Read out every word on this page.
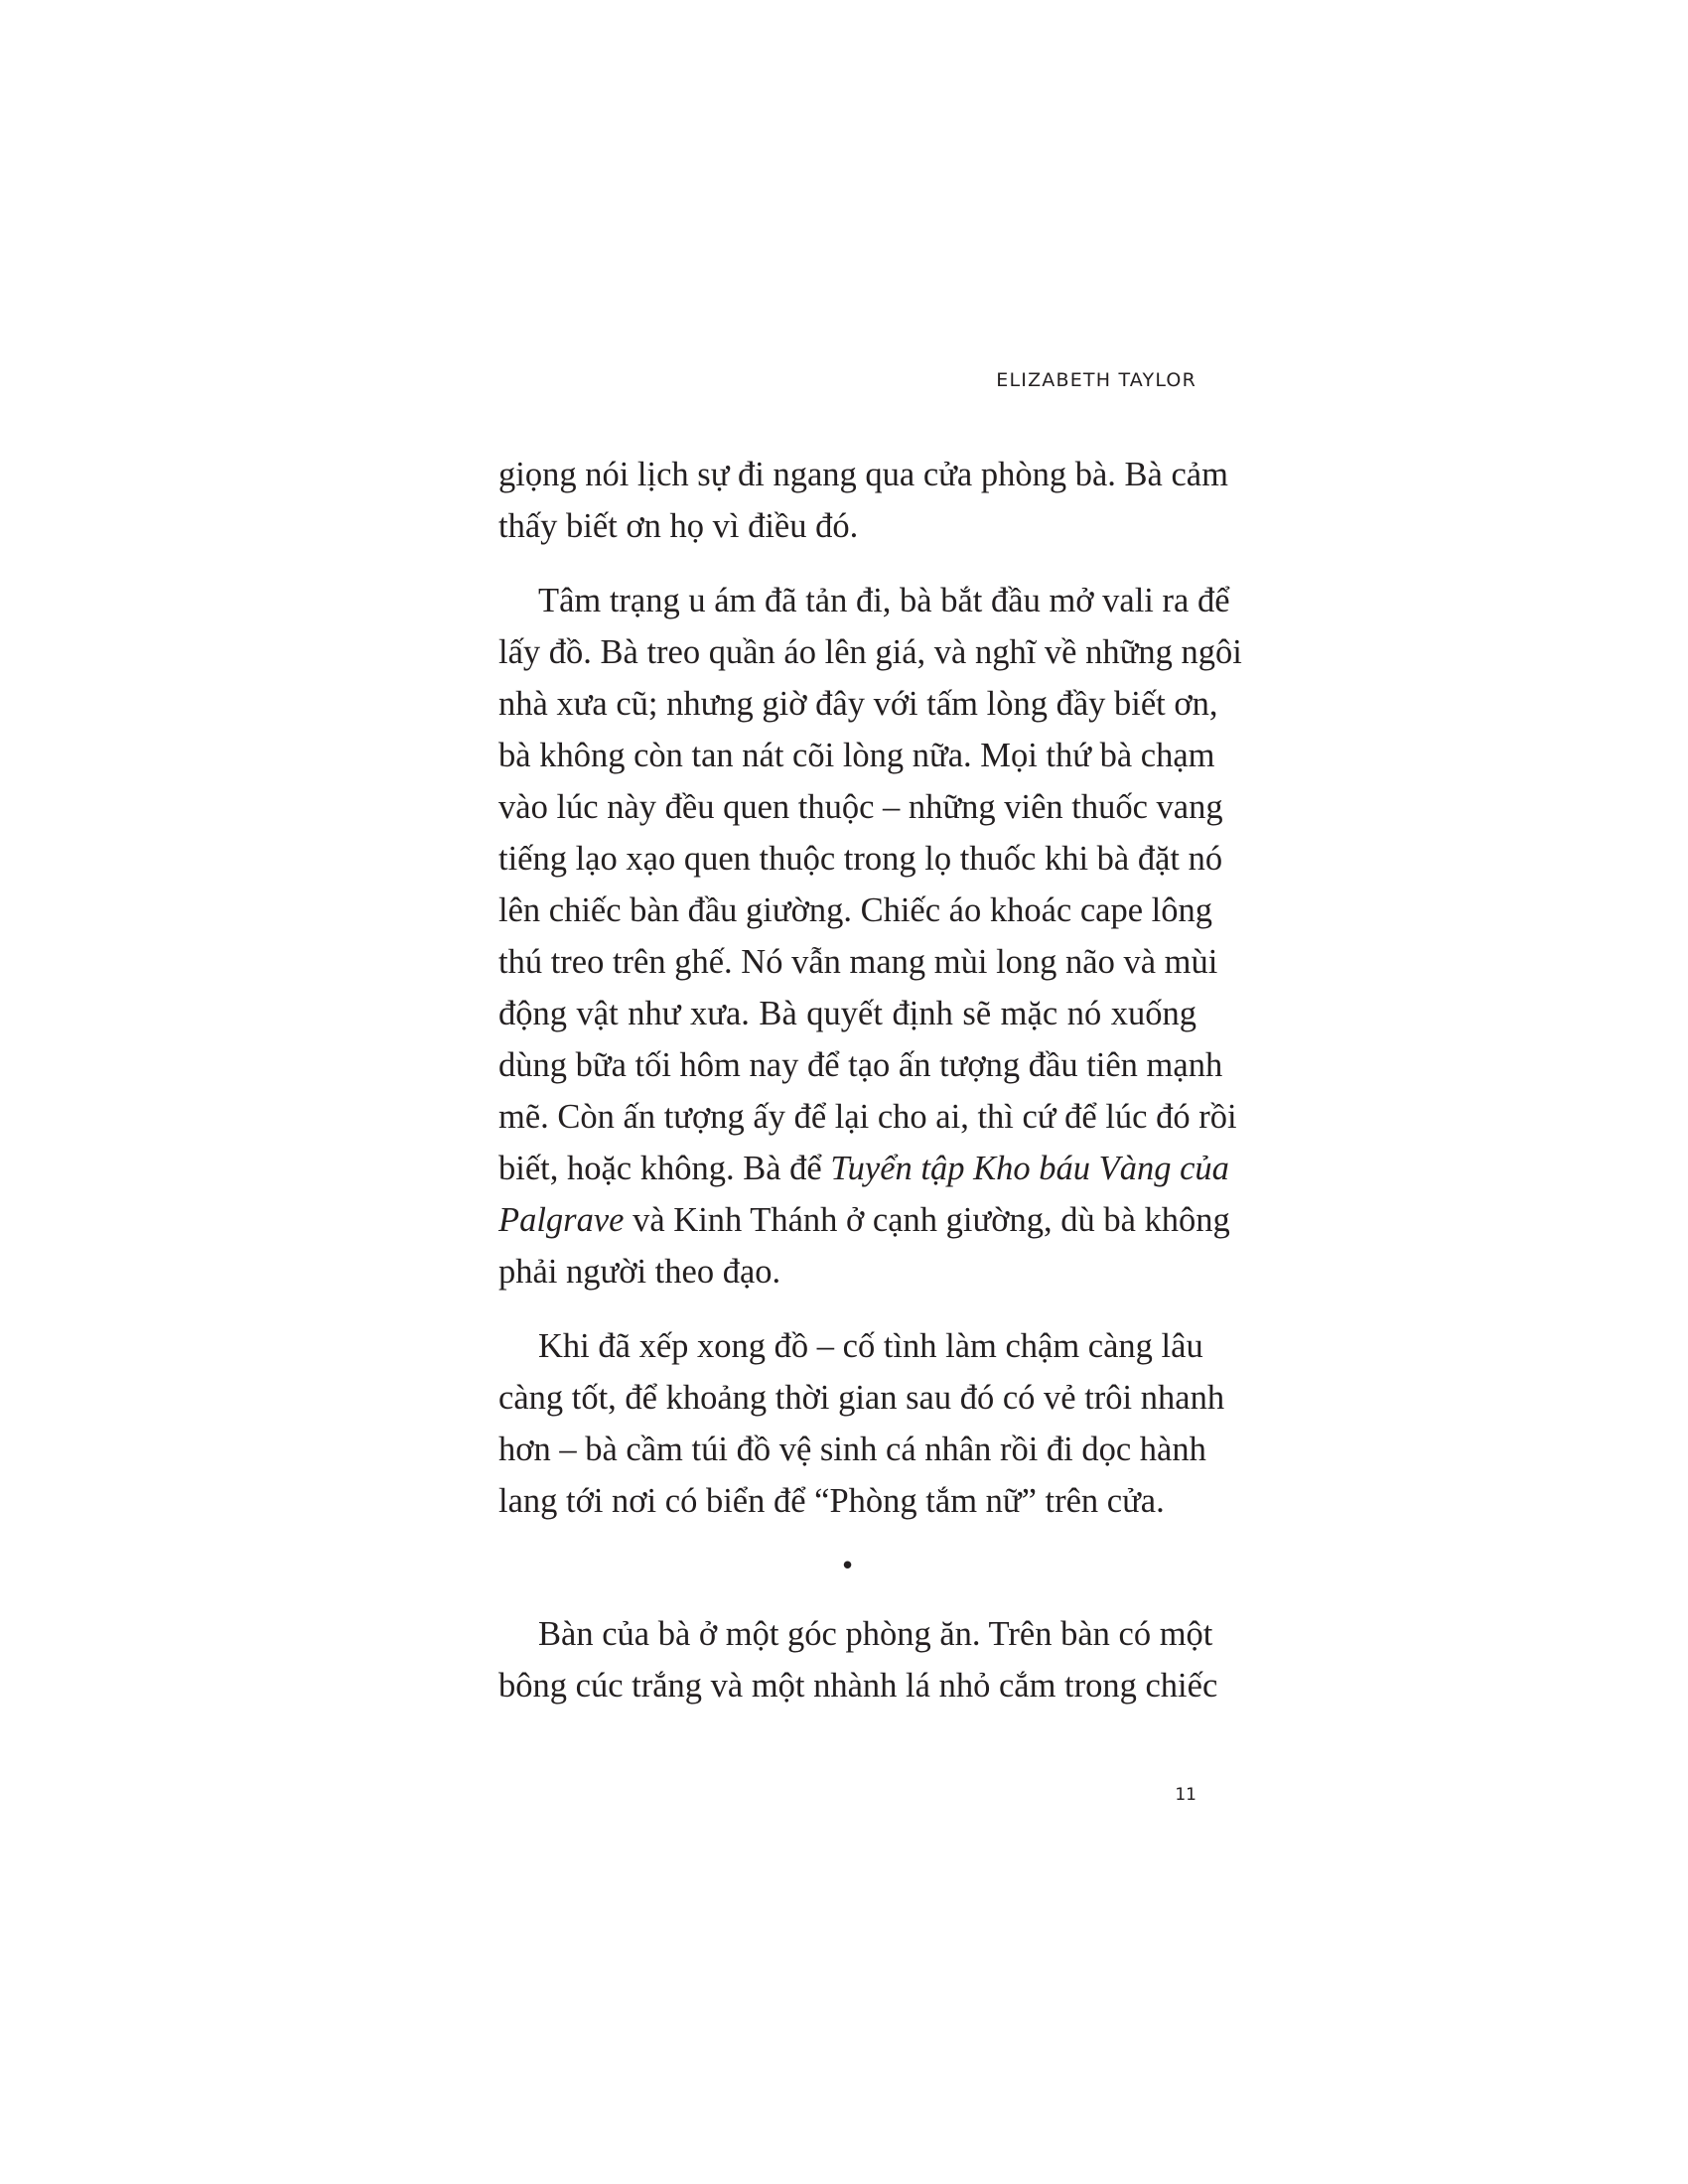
ELIZABETH TAYLOR
giọng nói lịch sự đi ngang qua cửa phòng bà. Bà cảm
thấy biết ơn họ vì điều đó.
Tâm trạng u ám đã tản đi, bà bắt đầu mở vali ra để
lấy đồ. Bà treo quần áo lên giá, và nghĩ về những ngôi
nhà xưa cũ; nhưng giờ đây với tấm lòng đầy biết ơn,
bà không còn tan nát cõi lòng nữa. Mọi thứ bà chạm
vào lúc này đều quen thuộc – những viên thuốc vang
tiếng lạo xạo quen thuộc trong lọ thuốc khi bà đặt nó
lên chiếc bàn đầu giường. Chiếc áo khoác cape lông
thú treo trên ghế. Nó vẫn mang mùi long não và mùi
động vật như xưa. Bà quyết định sẽ mặc nó xuống
dùng bữa tối hôm nay để tạo ấn tượng đầu tiên mạnh
mẽ. Còn ấn tượng ấy để lại cho ai, thì cứ để lúc đó rồi
biết, hoặc không. Bà để Tuyển tập Kho báu Vàng của
Palgrave và Kinh Thánh ở cạnh giường, dù bà không
phải người theo đạo.
Khi đã xếp xong đồ – cố tình làm chậm càng lâu
càng tốt, để khoảng thời gian sau đó có vẻ trôi nhanh
hơn – bà cầm túi đồ vệ sinh cá nhân rồi đi dọc hành
lang tới nơi có biển để “Phòng tắm nữ” trên cửa.
•
Bàn của bà ở một góc phòng ăn. Trên bàn có một
bông cúc trắng và một nhành lá nhỏ cắm trong chiếc
11
